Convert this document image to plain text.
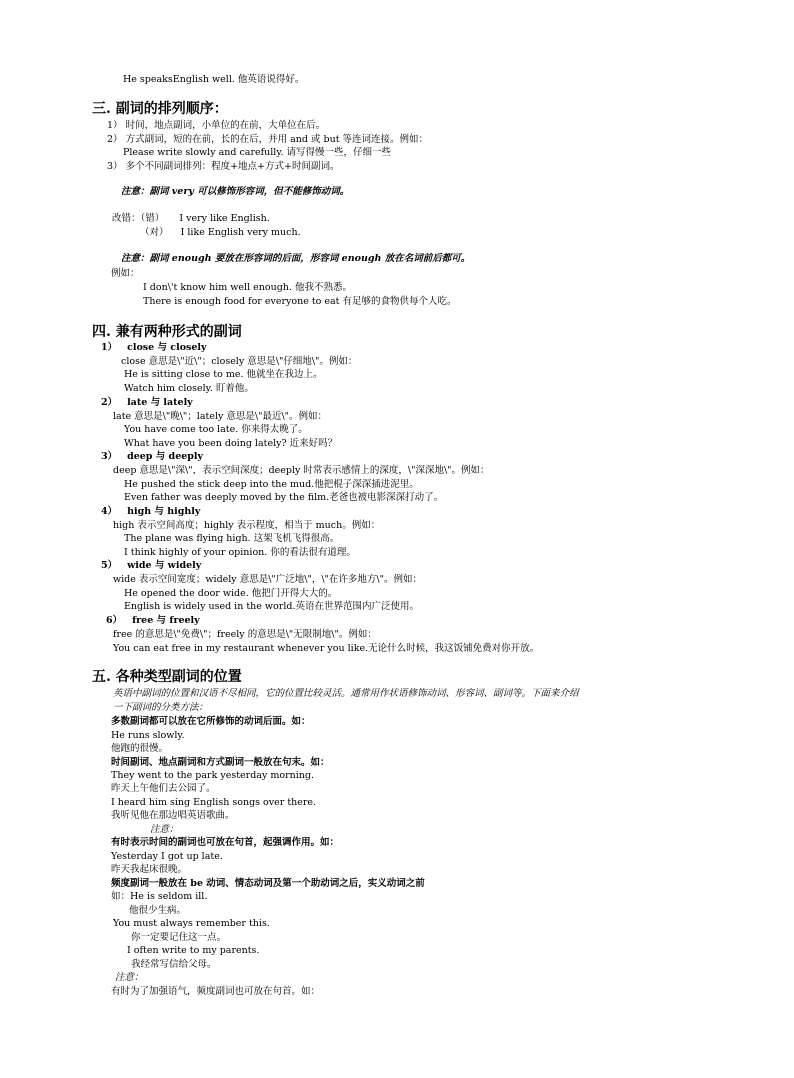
He speaksEnglish well. 他英语说得好。
三. 副词的排列顺序：
1） 时间，地点副词，小单位的在前，大单位在后。
2） 方式副词，短的在前，长的在后，并用 and 或 but 等连词连接。例如：
Please write slowly and carefully. 请写得慢一些，仔细一些
3） 多个不同副词排列：程度+地点+方式+时间副词。
注意：副词 very 可以修饰形容词，但不能修饰动词。
改错：（错） I very like English.
（对） I like English very much.
注意：副词 enough 要放在形容词的后面，形容词 enough 放在名词前后都可。
例如：
I don\'t know him well enough. 他我不熟悉。
There is enough food for everyone to eat 有足够的食物供每个人吃。
四. 兼有两种形式的副词
1） close 与 closely
close 意思是\"近\"；closely 意思是\"仔细地\"。例如：
He is sitting close to me. 他就坐在我边上。
Watch him closely. 盯着他。
2） late 与 lately
late 意思是\"晚\"；lately 意思是\"最近\"。例如：
You have come too late. 你来得太晚了。
What have you been doing lately? 近来好吗？
3） deep 与 deeply
deep 意思是\"深\"，表示空间深度；deeply 时常表示感情上的深度，\"深深地\"。例如：
He pushed the stick deep into the mud.他把棍子深深插进泥里。
Even father was deeply moved by the film.老爸也被电影深深打动了。
4） high 与 highly
high 表示空间高度；highly 表示程度，相当于 much。例如：
The plane was flying high. 这架飞机飞得很高。
I think highly of your opinion. 你的看法很有道理。
5） wide 与 widely
wide 表示空间宽度；widely 意思是\"广泛地\"，\"在许多地方\"。例如：
He opened the door wide. 他把门开得大大的。
English is widely used in the world.英语在世界范围内广泛使用。
6） free 与 freely
free 的意思是\"免费\"；freely 的意思是\"无限制地\"。例如：
You can eat free in my restaurant whenever you like.无论什么时候，我这饭铺免费对你开放。
五. 各种类型副词的位置
英语中副词的位置和汉语不尽相同，它的位置比较灵活。通常用作状语修饰动词、形容词、副词等。下面来介绍
一下副词的分类方法：
多数副词都可以放在它所修饰的动词后面。如：
He runs slowly.
他跑的很慢。
时间副词、地点副词和方式副词一般放在句末。如：
They went to the park yesterday morning.
昨天上午他们去公园了。
I heard him sing English songs over there.
我听见他在那边唱英语歌曲。
注意：
有时表示时间的副词也可放在句首，起强调作用。如：
Yesterday I got up late.
昨天我起床很晚。
频度副词一般放在 be 动词、情态动词及第一个助动词之后，实义动词之前
如：He is seldom ill.
他很少生病。
You must always remember this.
你一定要记住这一点。
I often write to my parents.
我经常写信给父母。
注意：
有时为了加强语气，频度副词也可放在句首。如：
